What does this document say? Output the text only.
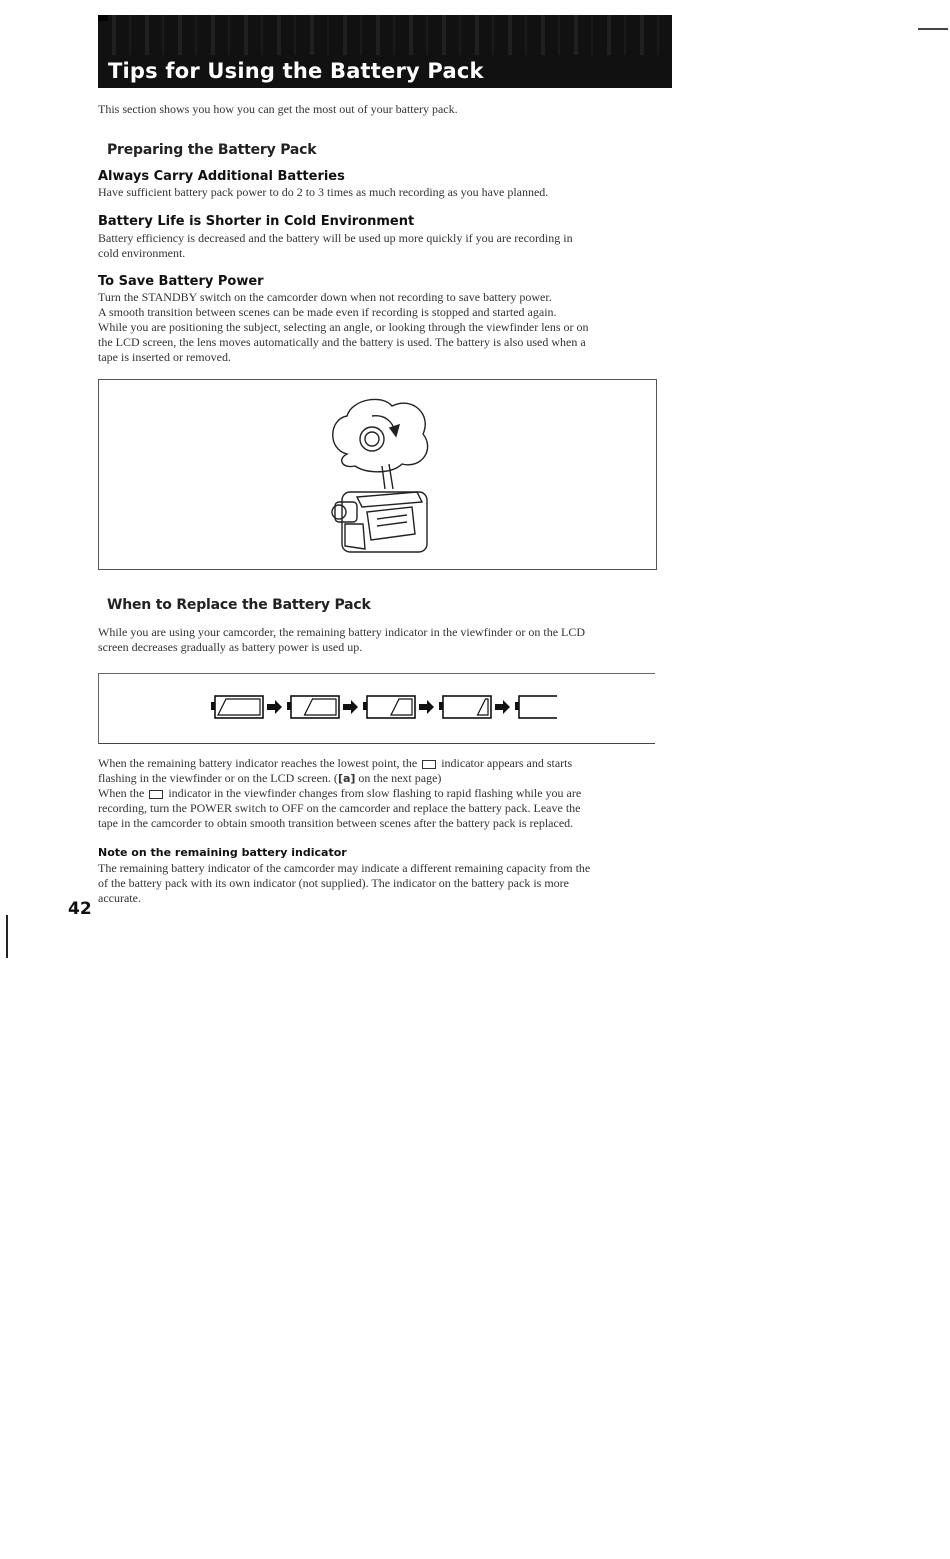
Tips for Using the Battery Pack
This section shows you how you can get the most out of your battery pack.
Preparing the Battery Pack
Always Carry Additional Batteries
Have sufficient battery pack power to do 2 to 3 times as much recording as you have planned.
Battery Life is Shorter in Cold Environment
Battery efficiency is decreased and the battery will be used up more quickly if you are recording in
cold environment.
To Save Battery Power
Turn the STANDBY switch on the camcorder down when not recording to save battery power.
A smooth transition between scenes can be made even if recording is stopped and started again.
While you are positioning the subject, selecting an angle, or looking through the viewfinder lens or on
the LCD screen, the lens moves automatically and the battery is used. The battery is also used when a
tape is inserted or removed.
When to Replace the Battery Pack
While you are using your camcorder, the remaining battery indicator in the viewfinder or on the LCD
screen decreases gradually as battery power is used up.
When the remaining battery indicator reaches the lowest point, the indicator appears and starts
flashing in the viewfinder or on the LCD screen. ([a] on the next page)
When the indicator in the viewfinder changes from slow flashing to rapid flashing while you are
recording, turn the POWER switch to OFF on the camcorder and replace the battery pack. Leave the
tape in the camcorder to obtain smooth transition between scenes after the battery pack is replaced.
Note on the remaining battery indicator
The remaining battery indicator of the camcorder may indicate a different remaining capacity from the
of the battery pack with its own indicator (not supplied). The indicator on the battery pack is more
accurate.
42
